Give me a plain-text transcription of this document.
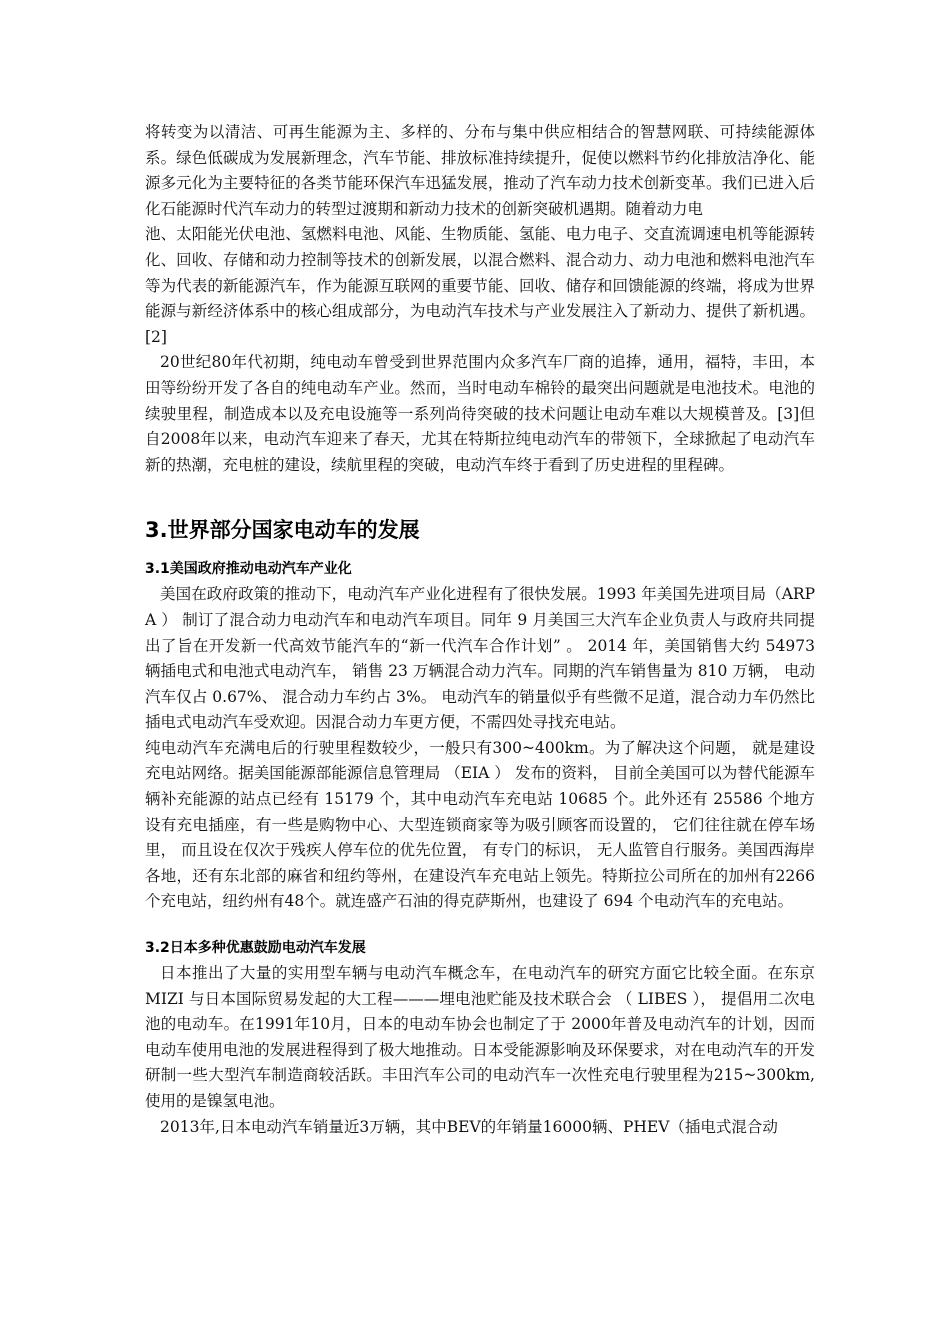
将转变为以清洁、可再生能源为主、多样的、分布与集中供应相结合的智慧网联、可持续能源体系。绿色低碳成为发展新理念，汽车节能、排放标准持续提升，促使以燃料节约化排放洁净化、能源多元化为主要特征的各类节能环保汽车迅猛发展，推动了汽车动力技术创新变革。我们已进入后化石能源时代汽车动力的转型过渡期和新动力技术的创新突破机遇期。随着动力电

池、太阳能光伏电池、氢燃料电池、风能、生物质能、氢能、电力电子、交直流调速电机等能源转化、回收、存储和动力控制等技术的创新发展，以混合燃料、混合动力、动力电池和燃料电池汽车等为代表的新能源汽车，作为能源互联网的重要节能、回收、储存和回馈能源的终端，将成为世界能源与新经济体系中的核心组成部分，为电动汽车技术与产业发展注入了新动力、提供了新机遇。[2]

20世纪80年代初期，纯电动车曾受到世界范围内众多汽车厂商的追捧，通用，福特，丰田，本田等纷纷开发了各自的纯电动车产业。然而，当时电动车棉铃的最突出问题就是电池技术。电池的续驶里程，制造成本以及充电设施等一系列尚待突破的技术问题让电动车难以大规模普及。[3]但自2008年以来，电动汽车迎来了春天，尤其在特斯拉纯电动汽车的带领下，全球掀起了电动汽车新的热潮，充电桩的建设，续航里程的突破，电动汽车终于看到了历史进程的里程碑。

3.世界部分国家电动车的发展
3.1美国政府推动电动汽车产业化

美国在政府政策的推动下，电动汽车产业化进程有了很快发展。1993 年美国先进项目局（ARPA ） 制订了混合动力电动汽车和电动汽车项目。同年 9 月美国三大汽车企业负责人与政府共同提出了旨在开发新一代高效节能汽车的“新一代汽车合作计划” 。 2014 年，美国销售大约 54973 辆插电式和电池式电动汽车， 销售 23 万辆混合动力汽车。同期的汽车销售量为 810 万辆， 电动汽车仅占 0.67%、 混合动力车约占 3%。 电动汽车的销量似乎有些微不足道，混合动力车仍然比插电式电动汽车受欢迎。因混合动力车更方便，不需四处寻找充电站。

纯电动汽车充满电后的行驶里程数较少，一般只有300~400km。为了解决这个问题， 就是建设充电站网络。据美国能源部能源信息管理局 （EIA ） 发布的资料， 目前全美国可以为替代能源车辆补充能源的站点已经有 15179 个，其中电动汽车充电站 10685 个。此外还有 25586 个地方设有充电插座，有一些是购物中心、大型连锁商家等为吸引顾客而设置的， 它们往往就在停车场里， 而且设在仅次于残疾人停车位的优先位置， 有专门的标识， 无人监管自行服务。美国西海岸各地，还有东北部的麻省和纽约等州，在建设汽车充电站上领先。特斯拉公司所在的加州有2266个充电站，纽约州有48个。就连盛产石油的得克萨斯州，也建设了 694 个电动汽车的充电站。

3.2日本多种优惠鼓励电动汽车发展

日本推出了大量的实用型车辆与电动汽车概念车，在电动汽车的研究方面它比较全面。在东京 MIZI 与日本国际贸易发起的大工程———埋电池贮能及技术联合会 （ LIBES ）， 提倡用二次电池的电动车。在1991年10月，日本的电动车协会也制定了于 2000年普及电动汽车的计划，因而电动车使用电池的发展进程得到了极大地推动。日本受能源影响及环保要求，对在电动汽车的开发研制一些大型汽车制造商较活跃。丰田汽车公司的电动汽车一次性充电行驶里程为215~300km,使用的是镍氢电池。

2013年,日本电动汽车销量近3万辆，其中BEV的年销量16000辆、PHEV（插电式混合动
